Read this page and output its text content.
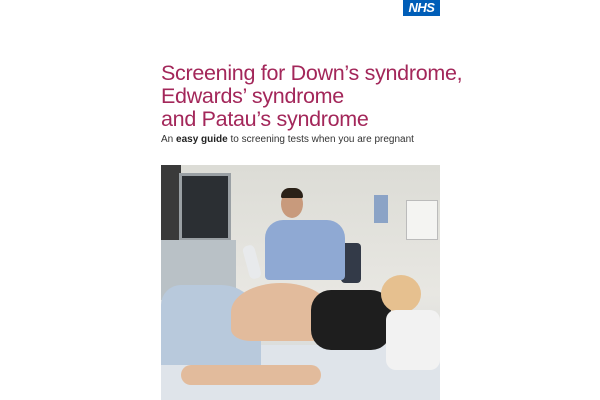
NHS
Screening for Down’s syndrome,
Edwards’ syndrome
and Patau’s syndrome
An easy guide to screening tests when you are pregnant
